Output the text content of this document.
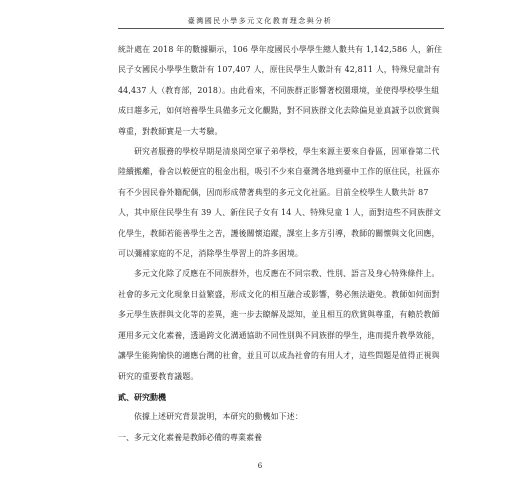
臺灣國民小學多元文化教育理念與分析

統計處在 2018 年的數據顯示，106 學年度國民小學學生總人數共有 1,142,586 人，新住民子女國民小學學生數計有 107,407 人，原住民學生人數計有 42,811 人，特殊兒童計有 44,437 人（教育部，2018）。由此看來，不同族群正影響著校園環境，並使得學校學生組成日趨多元，如何培養學生具備多元文化觀點，對不同族群文化去除偏見並真誠予以欣賞與尊重，對教師實是一大考驗。

研究者服務的學校早期是清泉岡空軍子弟學校，學生來源主要來自眷區，因軍眷第二代陸續搬離，眷舍以較便宜的租金出租，吸引不少來自臺灣各地到臺中工作的原住民，社區亦有不少因民眷外籍配偶，因而形成帶著典型的多元文化社區。目前全校學生人數共計 87 人，其中原住民學生有 39 人、新住民子女有 14 人、特殊兒童 1 人，面對這些不同族群文化學生，教師若能善學生之苦，護後關懷追蹤，課室上多方引導，教師的關懷與文化回應，可以彌補家庭的不足，消除學生學習上的許多困境。

多元文化除了反應在不同族群外，也反應在不同宗教、性別、語言及身心特殊條件上。社會的多元文化現象日益繁盛，形成文化的相互融合或影響，勢必無法避免。教師如何面對多元學生族群與文化等的差異，進一步去瞭解及認知，並且相互的欣賞與尊重，有賴於教師運用多元文化素養，透過跨文化溝通協助不同性別與不同族群的學生，進而提升教學效能，讓學生能夠愉快的適應台灣的社會，並且可以成為社會的有用人才，這些問題是值得正視與研究的重要教育議題。

貳、研究動機

依據上述研究背景說明，本研究的動機如下述：

一、多元文化素養是教師必備的專業素養

6
